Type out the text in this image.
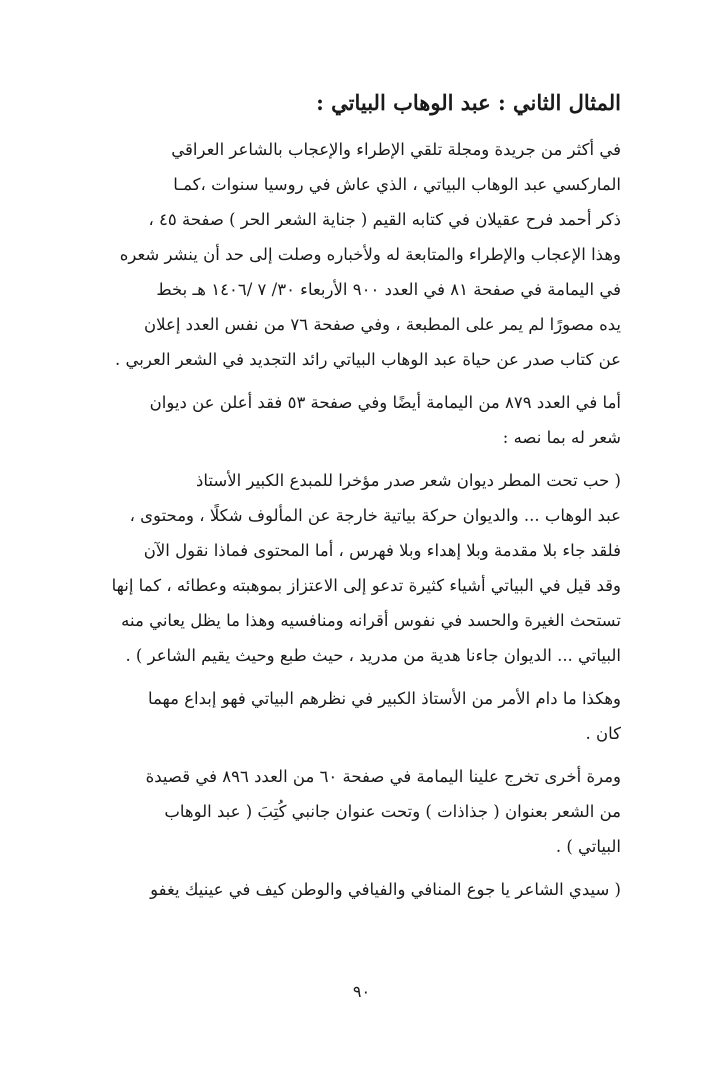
المثال الثاني : عبد الوهاب البياتي :
في أكثر من جريدة ومجلة تلقي الإطراء والإعجاب بالشاعر العراقي
الماركسي عبد الوهاب البياتي ، الذي عاش في روسيا سنوات ،كمـا
ذكر أحمد فرح عقيلان في كتابه القيم ( جناية الشعر الحر ) صفحة ٤٥ ،
وهذا الإعجاب والإطراء والمتابعة له ولأخباره وصلت إلى حد أن ينشر شعره
في اليمامة في صفحة ٨١ في العدد ٩٠٠ الأربعاء ٣٠/ ٧ /١٤٠٦ هـ بخط
يده مصورًا لم يمر على المطبعة ، وفي صفحة ٧٦ من نفس العدد إعلان
عن كتاب صدر عن حياة عبد الوهاب البياتي رائد التجديد في الشعر العربي .
أما في العدد ٨٧٩ من اليمامة أيضًا وفي صفحة ٥٣ فقد أعلن عن ديوان
شعر له بما نصه :
( حب تحت المطر ديوان شعر صدر مؤخرا للمبدع الكبير الأستاذ
عبد الوهاب ... والديوان حركة بياتية خارجة عن المألوف شكلًا ، ومحتوى ،
فلقد جاء بلا مقدمة وبلا إهداء وبلا فهرس ، أما المحتوى فماذا نقول الآن
وقد قيل في البياتي أشياء كثيرة تدعو إلى الاعتزاز بموهبته وعطائه ، كما إنها
تستحث الغيرة والحسد في نفوس أقرانه ومنافسيه وهذا ما يظل يعاني منه
البياتي ... الديوان جاءنا هدية من مدريد ، حيث طبع وحيث يقيم الشاعر ) .
وهكذا ما دام الأمر من الأستاذ الكبير في نظرهم البياتي فهو إبداع مهما
كان .
ومرة أخرى تخرج علينا اليمامة في صفحة ٦٠ من العدد ٨٩٦ في قصيدة
من الشعر بعنوان ( جذاذات ) وتحت عنوان جانبي كُتِبَ ( عبد الوهاب
البياتي ) .
( سيدي الشاعر يا جوع المنافي والفيافي والوطن كيف في عينيك يغفو
٩٠
